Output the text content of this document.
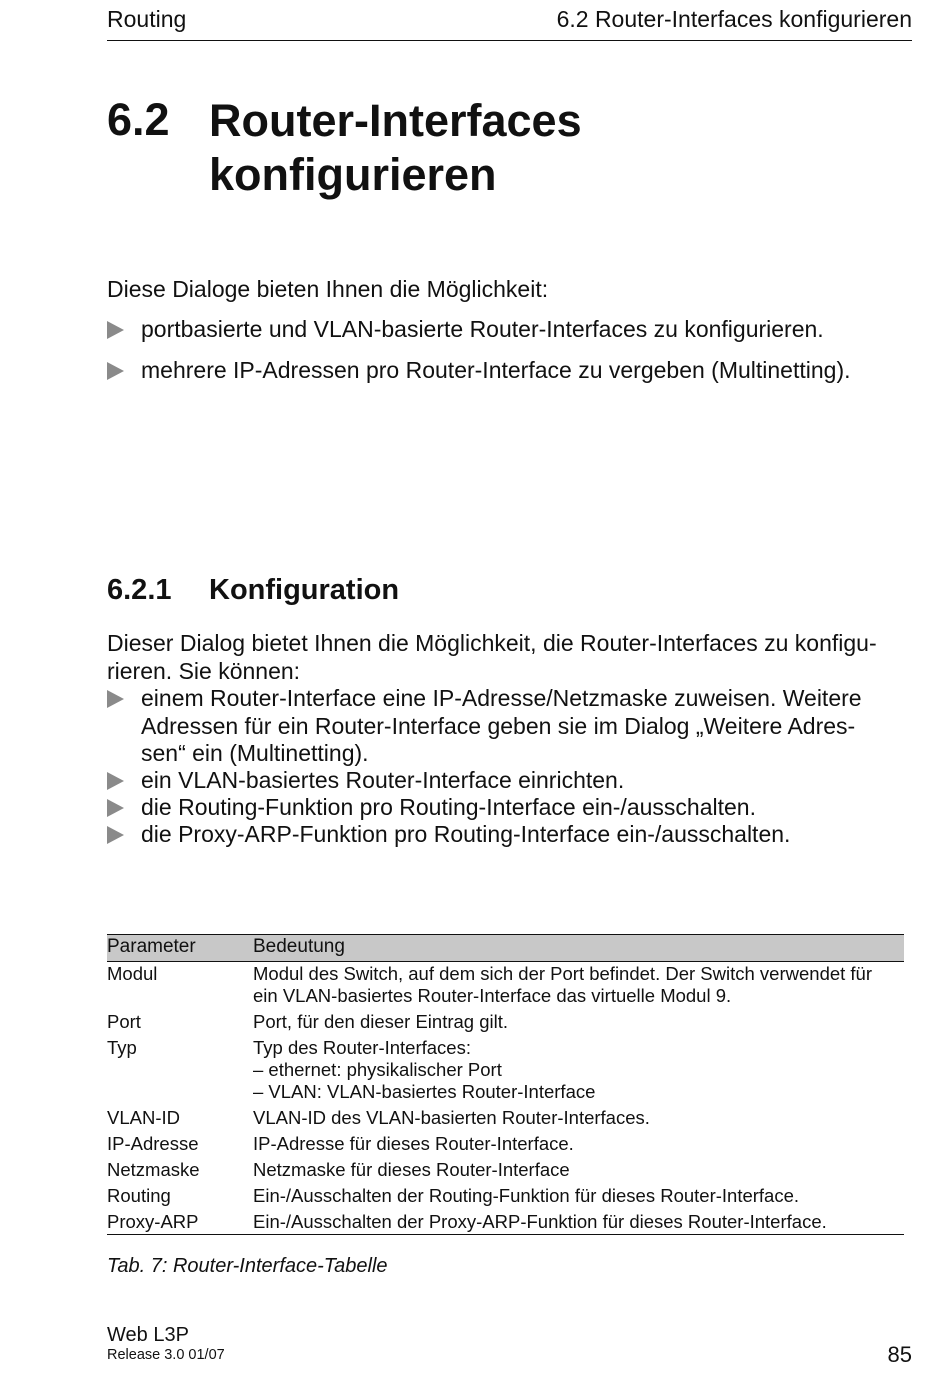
Routing	6.2 Router-Interfaces konfigurieren
6.2 Router-Interfaces
konfigurieren
Diese Dialoge bieten Ihnen die Möglichkeit:
portbasierte und VLAN-basierte Router-Interfaces zu konfigurieren.
mehrere IP-Adressen pro Router-Interface zu vergeben (Multinetting).
6.2.1 Konfiguration
Dieser Dialog bietet Ihnen die Möglichkeit, die Router-Interfaces zu konfigu-
rieren. Sie können:
einem Router-Interface eine IP-Adresse/Netzmaske zuweisen. Weitere
Adressen für ein Router-Interface geben sie im Dialog „Weitere Adres-
sen“ ein (Multinetting).
ein VLAN-basiertes Router-Interface einrichten.
die Routing-Funktion pro Routing-Interface ein-/ausschalten.
die Proxy-ARP-Funktion pro Routing-Interface ein-/ausschalten.
Parameter	Bedeutung
Modul	Modul des Switch, auf dem sich der Port befindet. Der Switch verwendet für
ein VLAN-basiertes Router-Interface das virtuelle Modul 9.
Port	Port, für den dieser Eintrag gilt.
Typ	Typ des Router-Interfaces:
– ethernet: physikalischer Port
– VLAN: VLAN-basiertes Router-Interface
VLAN-ID	VLAN-ID des VLAN-basierten Router-Interfaces.
IP-Adresse	IP-Adresse für dieses Router-Interface.
Netzmaske	Netzmaske für dieses Router-Interface
Routing	Ein-/Ausschalten der Routing-Funktion für dieses Router-Interface.
Proxy-ARP	Ein-/Ausschalten der Proxy-ARP-Funktion für dieses Router-Interface.
Tab. 7: Router-Interface-Tabelle
Web L3P
Release 3.0 01/07	85
